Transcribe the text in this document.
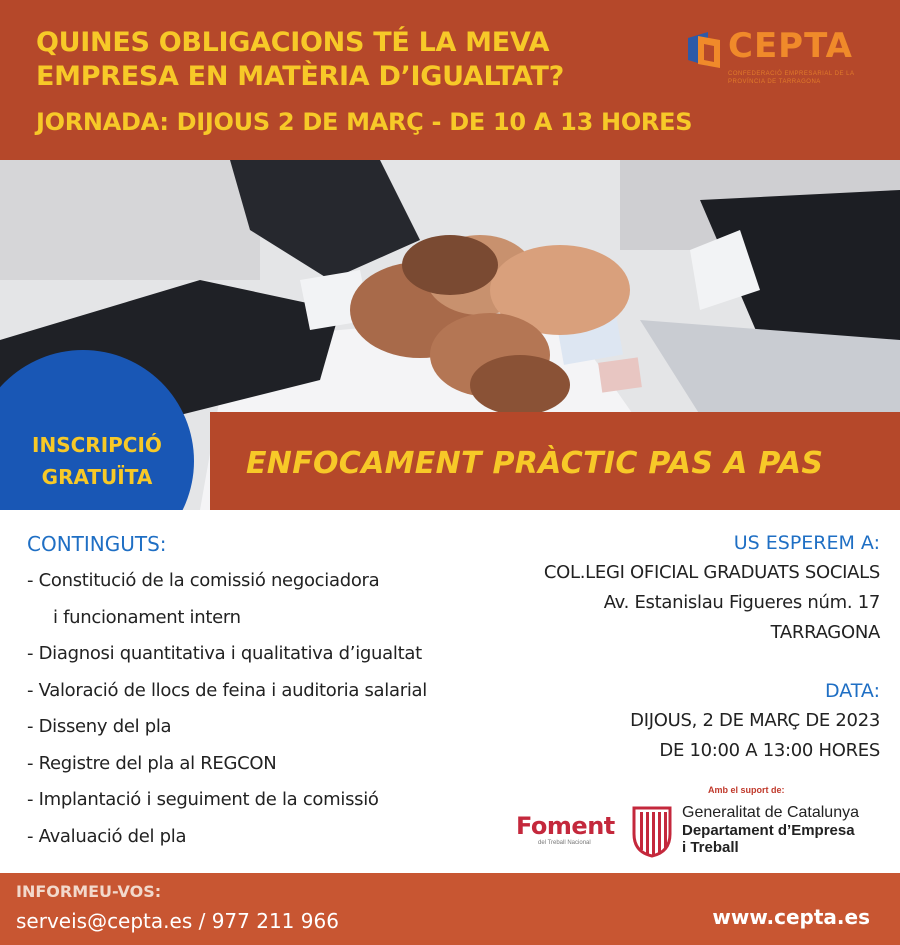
QUINES OBLIGACIONS TÉ LA MEVA EMPRESA EN MATÈRIA D’IGUALTAT?
JORNADA: DIJOUS 2 DE MARÇ - DE 10 A 13 HORES
CEPTA
CONFEDERACIÓ EMPRESARIAL DE LA PROVÍNCIA DE TARRAGONA
INSCRIPCIÓ
GRATUÏTA	ENFOCAMENT PRÀCTIC PAS A PAS
CONTINGUTS:
- Constitució de la comissió negociadora
i funcionament intern
- Diagnosi quantitativa i qualitativa d’igualtat
- Valoració de llocs de feina i auditoria salarial
- Disseny del pla
- Registre del pla al REGCON
- Implantació i seguiment de la comissió
- Avaluació del pla
US ESPEREM A:
COL.LEGI OFICIAL GRADUATS SOCIALS
Av. Estanislau Figueres núm. 17
TARRAGONA
DATA:
DIJOUS, 2 DE MARÇ DE 2023
DE 10:00 A 13:00 HORES
Amb el suport de:
Foment
del Treball Nacional
Generalitat de Catalunya
Departament d’Empresa
i Treball
INFORMEU-VOS:
serveis@cepta.es / 977 211 966	www.cepta.es
